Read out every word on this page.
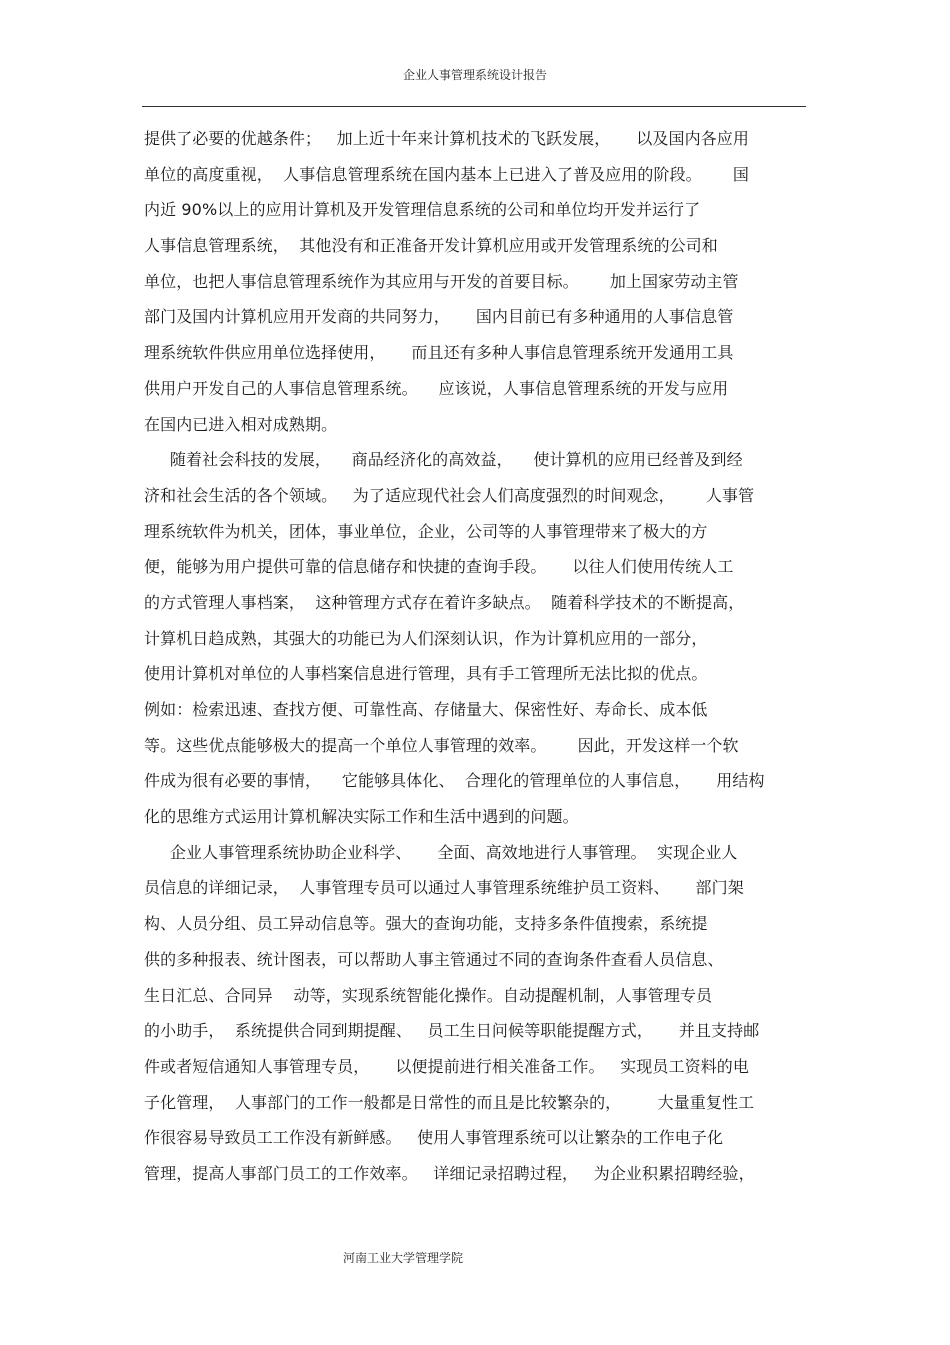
企业人事管理系统设计报告
提供了必要的优越条件；   加上近十年来计算机技术的飞跃发展，     以及国内各应用
单位的高度重视，  人事信息管理系统在国内基本上已进入了普及应用的阶段。      国
内近 90%以上的应用计算机及开发管理信息系统的公司和单位均开发并运行了
人事信息管理系统，  其他没有和正准备开发计算机应用或开发管理系统的公司和
单位，也把人事信息管理系统作为其应用与开发的首要目标。      加上国家劳动主管
部门及国内计算机应用开发商的共同努力，     国内目前已有多种通用的人事信息管
理系统软件供应用单位选择使用，     而且还有多种人事信息管理系统开发通用工具
供用户开发自己的人事信息管理系统。    应该说，人事信息管理系统的开发与应用
在国内已进入相对成熟期。
随着社会科技的发展，    商品经济化的高效益，    使计算机的应用已经普及到经
济和社会生活的各个领域。   为了适应现代社会人们高度强烈的时间观念，      人事管
理系统软件为机关，团体，事业单位，企业，公司等的人事管理带来了极大的方
便，能够为用户提供可靠的信息储存和快捷的查询手段。     以往人们使用传统人工
的方式管理人事档案，  这种管理方式存在着许多缺点。  随着科学技术的不断提高，
计算机日趋成熟，其强大的功能已为人们深刻认识，作为计算机应用的一部分，
使用计算机对单位的人事档案信息进行管理，具有手工管理所无法比拟的优点。
例如：检索迅速、查找方便、可靠性高、存储量大、保密性好、寿命长、成本低
等。这些优点能够极大的提高一个单位人事管理的效率。      因此，开发这样一个软
件成为很有必要的事情，    它能够具体化、  合理化的管理单位的人事信息，     用结构
化的思维方式运用计算机解决实际工作和生活中遇到的问题。
企业人事管理系统协助企业科学、     全面、高效地进行人事管理。  实现企业人
员信息的详细记录，  人事管理专员可以通过人事管理系统维护员工资料、     部门架
构、人员分组、员工异动信息等。强大的查询功能，支持多条件值搜索，系统提
供的多种报表、统计图表，可以帮助人事主管通过不同的查询条件查看人员信息、
生日汇总、合同异    动等，实现系统智能化操作。自动提醒机制，人事管理专员
的小助手，  系统提供合同到期提醒、   员工生日问候等职能提醒方式，     并且支持邮
件或者短信通知人事管理专员，     以便提前进行相关准备工作。   实现员工资料的电
子化管理，  人事部门的工作一般都是日常性的而且是比较繁杂的，       大量重复性工
作很容易导致员工工作没有新鲜感。   使用人事管理系统可以让繁杂的工作电子化
管理，提高人事部门员工的工作效率。   详细记录招聘过程，   为企业积累招聘经验，
河南工业大学管理学院
